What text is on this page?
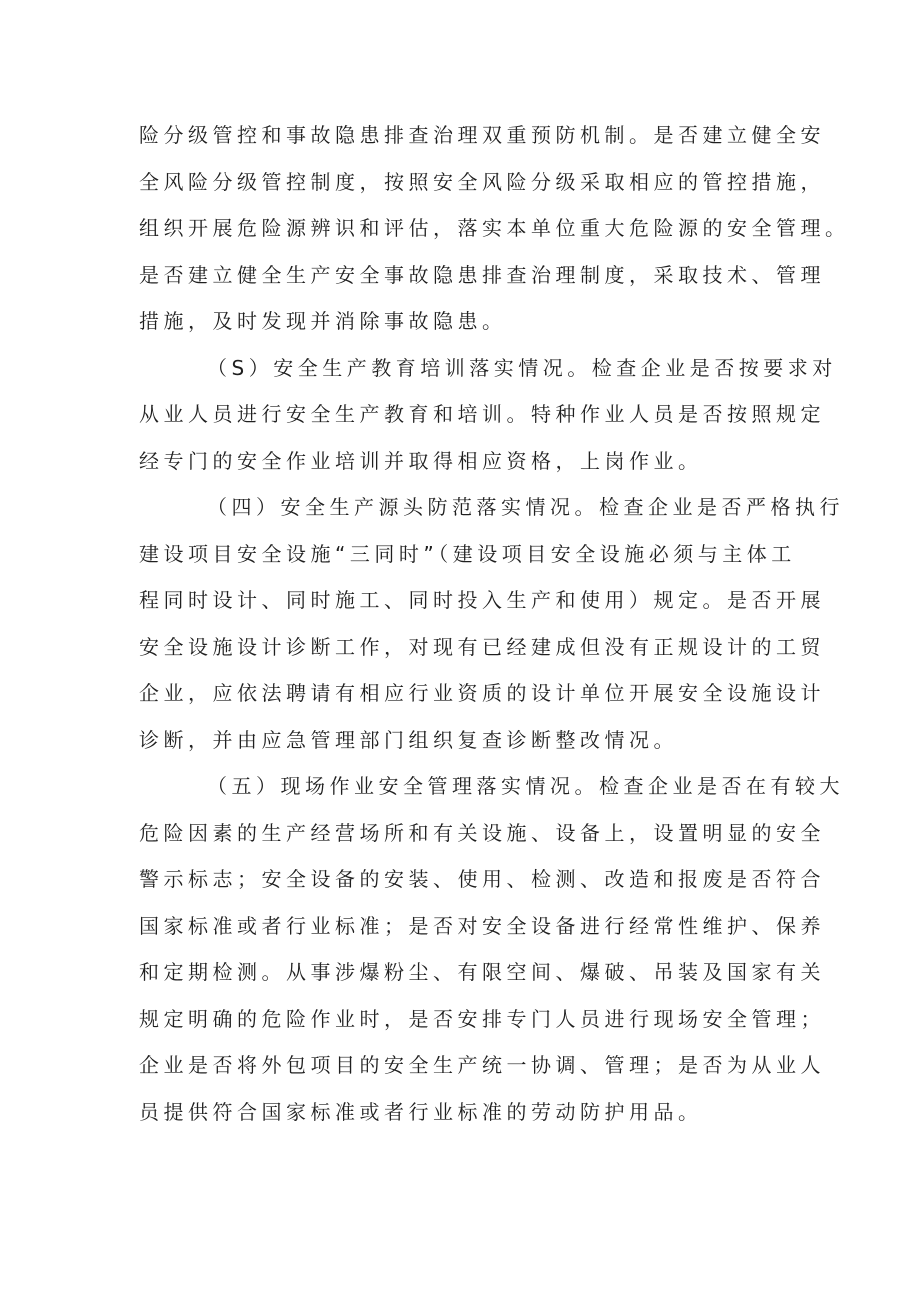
险分级管控和事故隐患排查治理双重预防机制。是否建立健全安
全风险分级管控制度，按照安全风险分级采取相应的管控措施，
组织开展危险源辨识和评估，落实本单位重大危险源的安全管理。
是否建立健全生产安全事故隐患排查治理制度，采取技术、管理
措施，及时发现并消除事故隐患。
（S）安全生产教育培训落实情况。检查企业是否按要求对
从业人员进行安全生产教育和培训。特种作业人员是否按照规定
经专门的安全作业培训并取得相应资格，上岗作业。
（四）安全生产源头防范落实情况。检查企业是否严格执行
建设项目安全设施“三同时”（建设项目安全设施必须与主体工
程同时设计、同时施工、同时投入生产和使用）规定。是否开展
安全设施设计诊断工作，对现有已经建成但没有正规设计的工贸
企业，应依法聘请有相应行业资质的设计单位开展安全设施设计
诊断，并由应急管理部门组织复查诊断整改情况。
（五）现场作业安全管理落实情况。检查企业是否在有较大
危险因素的生产经营场所和有关设施、设备上，设置明显的安全
警示标志；安全设备的安装、使用、检测、改造和报废是否符合
国家标准或者行业标准；是否对安全设备进行经常性维护、保养
和定期检测。从事涉爆粉尘、有限空间、爆破、吊装及国家有关
规定明确的危险作业时，是否安排专门人员进行现场安全管理；
企业是否将外包项目的安全生产统一协调、管理；是否为从业人
员提供符合国家标准或者行业标准的劳动防护用品。
